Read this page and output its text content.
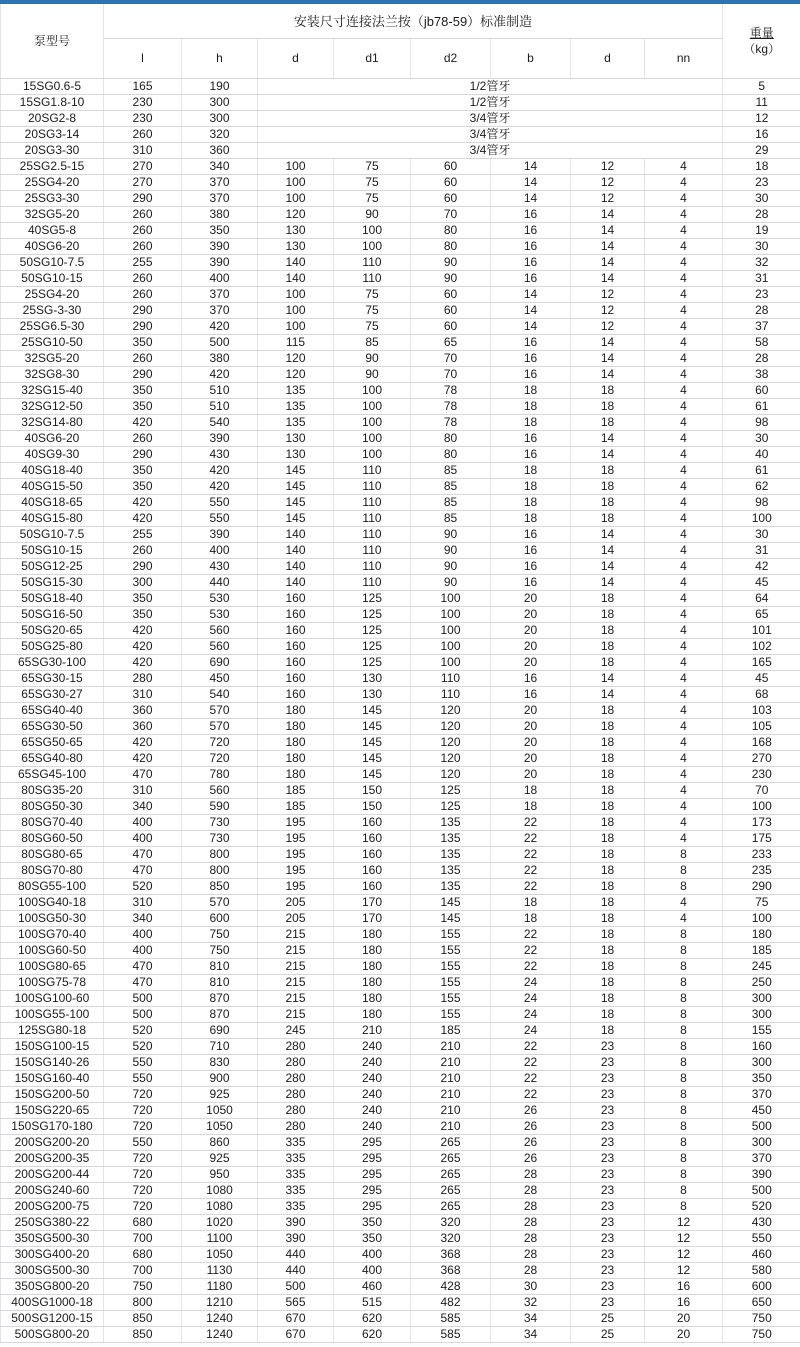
泵型号	安装尺寸连接法兰按（jb78-59）标准制造								重量
（kg）

	l	h	d	d1	d2	b	d	nn	
15SG0.6-5	165	190	1/2管牙						5
15SG1.8-10	230	300	1/2管牙						11
20SG2-8	230	300	3/4管牙						12
20SG3-14	260	320	3/4管牙						16
20SG3-30	310	360	3/4管牙						29
25SG2.5-15	270	340	100	75	60	14	12	4	18
25SG4-20	270	370	100	75	60	14	12	4	23
25SG3-30	290	370	100	75	60	14	12	4	30
32SG5-20	260	380	120	90	70	16	14	4	28
40SG5-8	260	350	130	100	80	16	14	4	19
40SG6-20	260	390	130	100	80	16	14	4	30
50SG10-7.5	255	390	140	110	90	16	14	4	32
50SG10-15	260	400	140	110	90	16	14	4	31
25SG4-20	260	370	100	75	60	14	12	4	23
25SG-3-30	290	370	100	75	60	14	12	4	28
25SG6.5-30	290	420	100	75	60	14	12	4	37
25SG10-50	350	500	115	85	65	16	14	4	58
32SG5-20	260	380	120	90	70	16	14	4	28
32SG8-30	290	420	120	90	70	16	14	4	38
32SG15-40	350	510	135	100	78	18	18	4	60
32SG12-50	350	510	135	100	78	18	18	4	61
32SG14-80	420	540	135	100	78	18	18	4	98
40SG6-20	260	390	130	100	80	16	14	4	30
40SG9-30	290	430	130	100	80	16	14	4	40
40SG18-40	350	420	145	110	85	18	18	4	61
40SG15-50	350	420	145	110	85	18	18	4	62
40SG18-65	420	550	145	110	85	18	18	4	98
40SG15-80	420	550	145	110	85	18	18	4	100
50SG10-7.5	255	390	140	110	90	16	14	4	30
50SG10-15	260	400	140	110	90	16	14	4	31
50SG12-25	290	430	140	110	90	16	14	4	42
50SG15-30	300	440	140	110	90	16	14	4	45
50SG18-40	350	530	160	125	100	20	18	4	64
50SG16-50	350	530	160	125	100	20	18	4	65
50SG20-65	420	560	160	125	100	20	18	4	101
50SG25-80	420	560	160	125	100	20	18	4	102
65SG30-100	420	690	160	125	100	20	18	4	165
65SG30-15	280	450	160	130	110	16	14	4	45
65SG30-27	310	540	160	130	110	16	14	4	68
65SG40-40	360	570	180	145	120	20	18	4	103
65SG30-50	360	570	180	145	120	20	18	4	105
65SG50-65	420	720	180	145	120	20	18	4	168
65SG40-80	420	720	180	145	120	20	18	4	270
65SG45-100	470	780	180	145	120	20	18	4	230
80SG35-20	310	560	185	150	125	18	18	4	70
80SG50-30	340	590	185	150	125	18	18	4	100
80SG70-40	400	730	195	160	135	22	18	4	173
80SG60-50	400	730	195	160	135	22	18	4	175
80SG80-65	470	800	195	160	135	22	18	8	233
80SG70-80	470	800	195	160	135	22	18	8	235
80SG55-100	520	850	195	160	135	22	18	8	290
100SG40-18	310	570	205	170	145	18	18	4	75
100SG50-30	340	600	205	170	145	18	18	4	100
100SG70-40	400	750	215	180	155	22	18	8	180
100SG60-50	400	750	215	180	155	22	18	8	185
100SG80-65	470	810	215	180	155	22	18	8	245
100SG75-78	470	810	215	180	155	24	18	8	250
100SG100-60	500	870	215	180	155	24	18	8	300
100SG55-100	500	870	215	180	155	24	18	8	300
125SG80-18	520	690	245	210	185	24	18	8	155
150SG100-15	520	710	280	240	210	22	23	8	160
150SG140-26	550	830	280	240	210	22	23	8	300
150SG160-40	550	900	280	240	210	22	23	8	350
150SG200-50	720	925	280	240	210	22	23	8	370
150SG220-65	720	1050	280	240	210	26	23	8	450
150SG170-180	720	1050	280	240	210	26	23	8	500
200SG200-20	550	860	335	295	265	26	23	8	300
200SG200-35	720	925	335	295	265	26	23	8	370
200SG200-44	720	950	335	295	265	28	23	8	390
200SG240-60	720	1080	335	295	265	28	23	8	500
200SG200-75	720	1080	335	295	265	28	23	8	520
250SG380-22	680	1020	390	350	320	28	23	12	430
350SG500-30	700	1100	390	350	320	28	23	12	550
300SG400-20	680	1050	440	400	368	28	23	12	460
300SG500-30	700	1130	440	400	368	28	23	12	580
350SG800-20	750	1180	500	460	428	30	23	16	600
400SG1000-18	800	1210	565	515	482	32	23	16	650
500SG1200-15	850	1240	670	620	585	34	25	20	750
500SG800-20	850	1240	670	620	585	34	25	20	750
